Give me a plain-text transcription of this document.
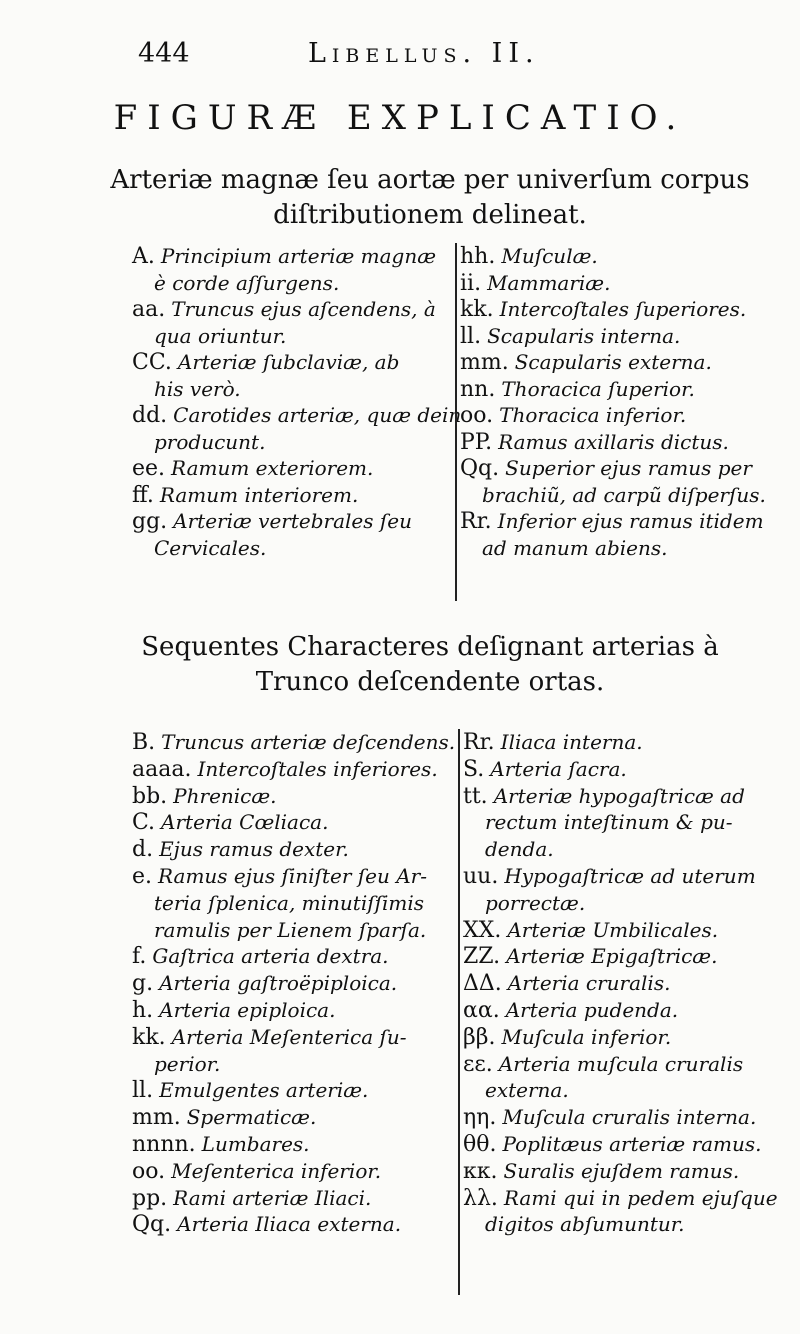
444	Libellus. II.
FIGURÆ EXPLICATIO.
Arteriæ magnæ ſeu aortæ per univerſum corpus diſtributionem delineat.
A. Principium arteriæ magnæ
è corde aſſurgens.
aa. Truncus ejus aſcendens, à
qua oriuntur.
CC. Arteriæ ſubclaviæ, ab
his verò.
dd. Carotides arteriæ, quæ dein
producunt.
ee. Ramum exteriorem.
ff. Ramum interiorem.
gg. Arteriæ vertebrales ſeu
Cervicales.
hh. Muſculæ.
ii. Mammariæ.
kk. Intercoſtales ſuperiores.
ll. Scapularis interna.
mm. Scapularis externa.
nn. Thoracica ſuperior.
oo. Thoracica inferior.
PP. Ramus axillaris dictus.
Qq. Superior ejus ramus per
brachiũ, ad carpũ diſperſus.
Rr. Inferior ejus ramus itidem
ad manum abiens.
Sequentes Characteres deſignant arterias à Trunco deſcendente ortas.
B. Truncus arteriæ deſcendens.
aaaa. Intercoſtales inferiores.
bb. Phrenicæ.
C. Arteria Cœliaca.
d. Ejus ramus dexter.
e. Ramus ejus ſiniſter ſeu Ar-
teria ſplenica, minutiſſimis
ramulis per Lienem ſparſa.
f. Gaſtrica arteria dextra.
g. Arteria gaſtroëpiploica.
h. Arteria epiploica.
kk. Arteria Meſenterica ſu-
perior.
ll. Emulgentes arteriæ.
mm. Spermaticæ.
nnnn. Lumbares.
oo. Meſenterica inferior.
pp. Rami arteriæ Iliaci.
Qq. Arteria Iliaca externa.
Rr. Iliaca interna.
S. Arteria ſacra.
tt. Arteriæ hypogaſtricæ ad
rectum inteſtinum & pu-
denda.
uu. Hypogaſtricæ ad uterum
porrectæ.
XX. Arteriæ Umbilicales.
ZZ. Arteriæ Epigaſtricæ.
ΔΔ. Arteria cruralis.
αα. Arteria pudenda.
ββ. Muſcula inferior.
εε. Arteria muſcula cruralis
externa.
ηη. Muſcula cruralis interna.
θθ. Poplitæus arteriæ ramus.
κκ. Suralis ejuſdem ramus.
λλ. Rami qui in pedem ejuſque
digitos abſumuntur.
